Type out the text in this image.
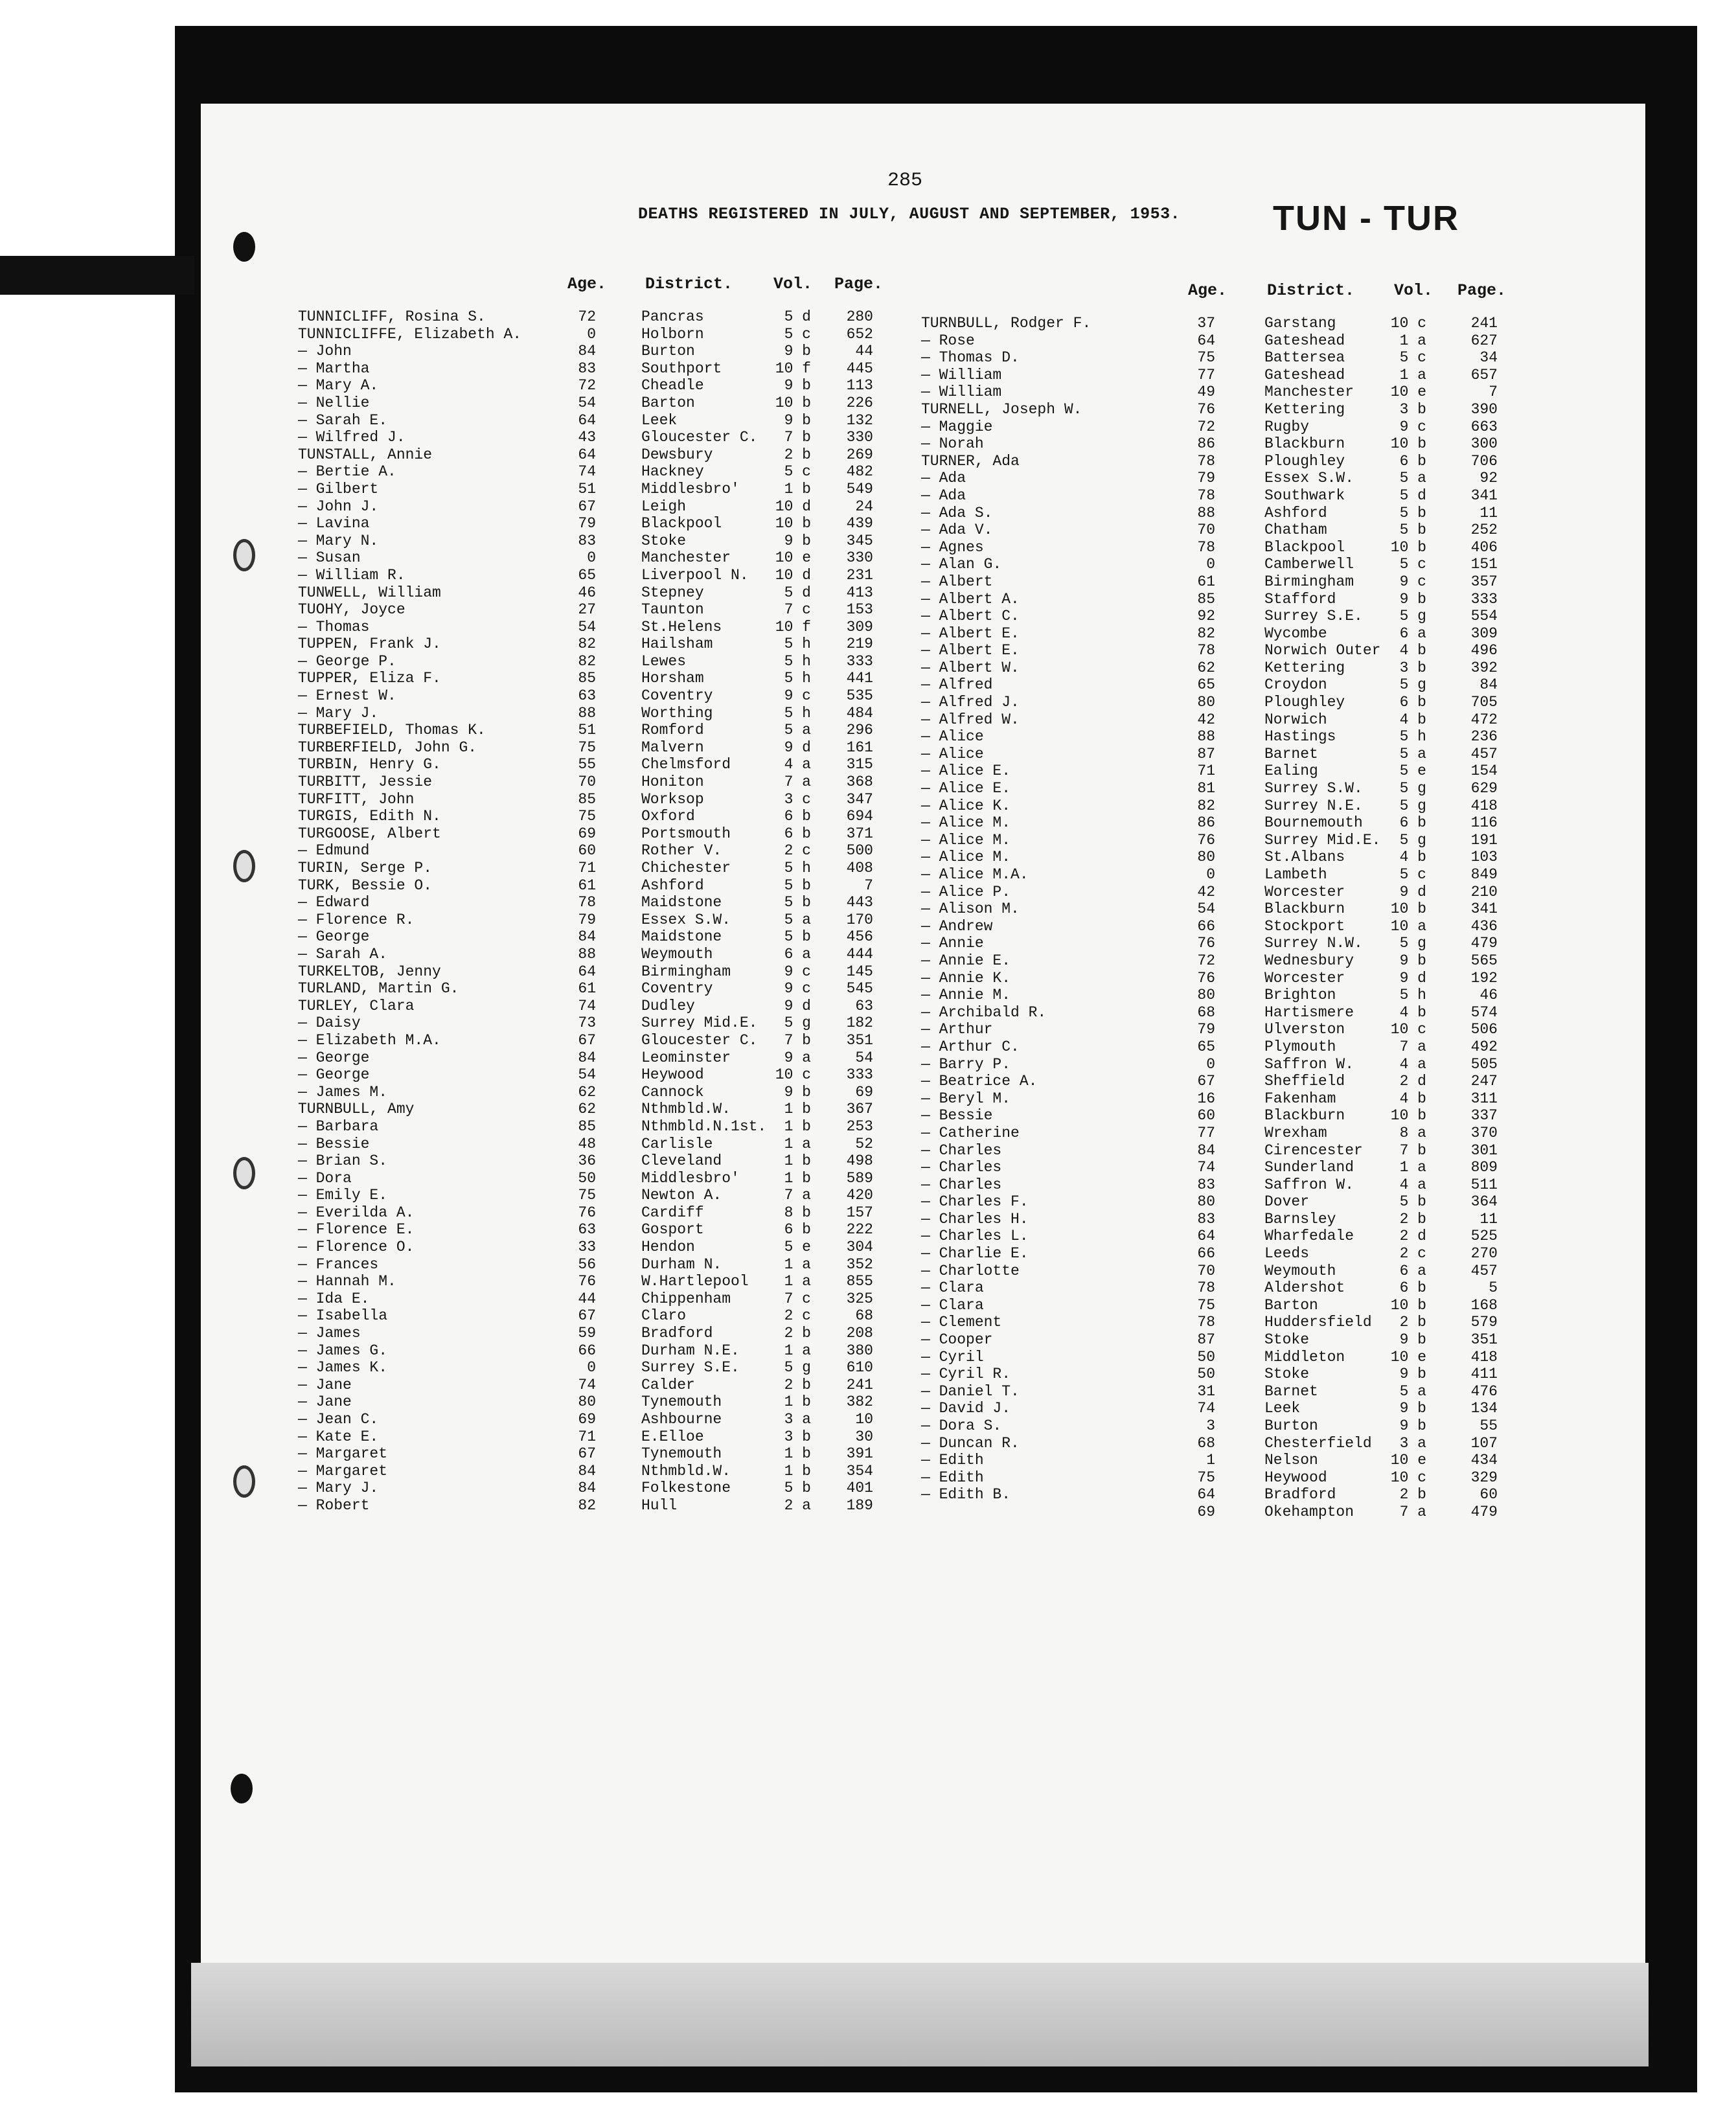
285
DEATHS REGISTERED IN JULY, AUGUST AND SEPTEMBER, 1953.	TUN - TUR
Age. District.	Vol. Page.	Age. District. Vol. Page.
TUNNICLIFF, Rosina S.	72	Pancras	5 d	280
TUNNICLIFFE, Elizabeth A.	0	Holborn	5 c	652
— John	84	Burton	9 b	44
— Martha	83	Southport	10 f	445
— Mary A.	72	Cheadle	9 b	113
— Nellie	54	Barton	10 b	226
— Sarah E.	64	Leek	9 b	132
— Wilfred J.	43	Gloucester C.	7 b	330
TUNSTALL, Annie	64	Dewsbury	2 b	269
— Bertie A.	74	Hackney	5 c	482
— Gilbert	51	Middlesbro'	1 b	549
— John J.	67	Leigh	10 d	24
— Lavina	79	Blackpool	10 b	439
— Mary N.	83	Stoke	9 b	345
— Susan	0	Manchester	10 e	330
— William R.	65	Liverpool N. 10 d	231
TUNWELL, William	46	Stepney	5 d	413
TUOHY, Joyce	27	Taunton	7 c	153
— Thomas	54	St.Helens	10 f	309
TUPPEN, Frank J.	82	Hailsham	5 h	219
— George P.	82	Lewes	5 h	333
TUPPER, Eliza F.	85	Horsham	5 h	441
— Ernest W.	63	Coventry	9 c	535
— Mary J.	88	Worthing	5 h	484
TURBEFIELD, Thomas K.	51	Romford	5 a	296
TURBERFIELD, John G.	75	Malvern	9 d	161
TURBIN, Henry G.	55	Chelmsford	4 a	315
TURBITT, Jessie	70	Honiton	7 a	368
TURFITT, John	85	Worksop	3 c	347
TURGIS, Edith N.	75	Oxford	6 b	694
TURGOOSE, Albert	69	Portsmouth	6 b	371
— Edmund	60	Rother V.	2 c	500
TURIN, Serge P.	71	Chichester	5 h	408
TURK, Bessie O.	61	Ashford	5 b	7
— Edward	78	Maidstone	5 b	443
— Florence R.	79	Essex S.W.	5 a	170
— George	84	Maidstone	5 b	456
— Sarah A.	88	Weymouth	6 a	444
TURKELTOB, Jenny	64	Birmingham	9 c	145
TURLAND, Martin G.	61	Coventry	9 c	545
TURLEY, Clara	74	Dudley	9 d	63
— Daisy	73	Surrey Mid.E.	5 g	182
— Elizabeth M.A.	67	Gloucester C.	7 b	351
— George	84	Leominster	9 a	54
— George	54	Heywood	10 c	333
— James M.	62	Cannock	9 b	69
TURNBULL, Amy	62	Nthmbld.W.	1 b	367
— Barbara	85	Nthmbld.N.1st.	1 b	253
— Bessie	48	Carlisle	1 a	52
— Brian S.	36	Cleveland	1 b	498
— Dora	50	Middlesbro'	1 b	589
— Emily E.	75	Newton A.	7 a	420
— Everilda A.	76	Cardiff	8 b	157
— Florence E.	63	Gosport	6 b	222
— Florence O.	33	Hendon	5 e	304
— Frances	56	Durham N.	1 a	352
— Hannah M.	76	W.Hartlepool	1 a	855
— Ida E.	44	Chippenham	7 c	325
— Isabella	67	Claro	2 c	68
— James	59	Bradford	2 b	208
— James G.	66	Durham N.E.	1 a	380
— James K.	0	Surrey S.E.	5 g	610
— Jane	74	Calder	2 b	241
— Jane	80	Tynemouth	1 b	382
— Jean C.	69	Ashbourne	3 a	10
— Kate E.	71	E.Elloe	3 b	30
— Margaret	67	Tynemouth	1 b	391
— Margaret	84	Nthmbld.W.	1 b	354
— Mary J.	84	Folkestone	5 b	401
— Robert	82	Hull	2 a	189
TURNBULL, Rodger F.	37	Garstang	10 c	241
— Rose	64	Gateshead	1 a	627
— Thomas D.	75	Battersea	5 c	34
— William	77	Gateshead	1 a	657
— William	49	Manchester 10 e	7
TURNELL, Joseph W.	76	Kettering	3 b	390
— Maggie	72	Rugby	9 c	663
— Norah	86	Blackburn	10 b	300
TURNER, Ada	78	Ploughley	6 b	706
— Ada	79	Essex S.W.	5 a	92
— Ada	78	Southwark	5 d	341
— Ada S.	88	Ashford	5 b	11
— Ada V.	70	Chatham	5 b	252
— Agnes	78	Blackpool	10 b	406
— Alan G.	0	Camberwell	5 c	151
— Albert	61	Birmingham	9 c	357
— Albert A.	85	Stafford	9 b	333
— Albert C.	92	Surrey S.E.	5 g	554
— Albert E.	82	Wycombe	6 a	309
— Albert E.	78	Norwich Outer	4 b	496
— Albert W.	62	Kettering	3 b	392
— Alfred	65	Croydon	5 g	84
— Alfred J.	80	Ploughley	6 b	705
— Alfred W.	42	Norwich	4 b	472
— Alice	88	Hastings	5 h	236
— Alice	87	Barnet	5 a	457
— Alice E.	71	Ealing	5 e	154
— Alice E.	81	Surrey S.W.	5 g	629
— Alice K.	82	Surrey N.E.	5 g	418
— Alice M.	86	Bournemouth	6 b	116
— Alice M.	76	Surrey Mid.E.	5 g	191
— Alice M.	80	St.Albans	4 b	103
— Alice M.A.	0	Lambeth	5 c	849
— Alice P.	42	Worcester	9 d	210
— Alison M.	54	Blackburn	10 b	341
— Andrew	66	Stockport	10 a	436
— Annie	76	Surrey N.W.	5 g	479
— Annie E.	72	Wednesbury	9 b	565
— Annie K.	76	Worcester	9 d	192
— Annie M.	80	Brighton	5 h	46
— Archibald R.	68	Hartismere	4 b	574
— Arthur	79	Ulverston	10 c	506
— Arthur C.	65	Plymouth	7 a	492
— Barry P.	0	Saffron W.	4 a	505
— Beatrice A.	67	Sheffield	2 d	247
— Beryl M.	16	Fakenham	4 b	311
— Bessie	60	Blackburn	10 b	337
— Catherine	77	Wrexham	8 a	370
— Charles	84	Cirencester	7 b	301
— Charles	74	Sunderland	1 a	809
— Charles	83	Saffron W.	4 a	511
— Charles F.	80	Dover	5 b	364
— Charles H.	83	Barnsley	2 b	11
— Charles L.	64	Wharfedale	2 d	525
— Charlie E.	66	Leeds	2 c	270
— Charlotte	70	Weymouth	6 a	457
— Clara	78	Aldershot	6 b	5
— Clara	75	Barton	10 b	168
— Clement	78	Huddersfield	2 b	579
— Cooper	87	Stoke	9 b	351
— Cyril	50	Middleton	10 e	418
— Cyril R.	50	Stoke	9 b	411
— Daniel T.	31	Barnet	5 a	476
— David J.	74	Leek	9 b	134
— Dora S.	3	Burton	9 b	55
— Duncan R.	68	Chesterfield	3 a	107
— Edith	1	Nelson	10 e	434
— Edith	75	Heywood	10 c	329
— Edith B.	64	Bradford	2 b	60
69	Okehampton	7 a	479
